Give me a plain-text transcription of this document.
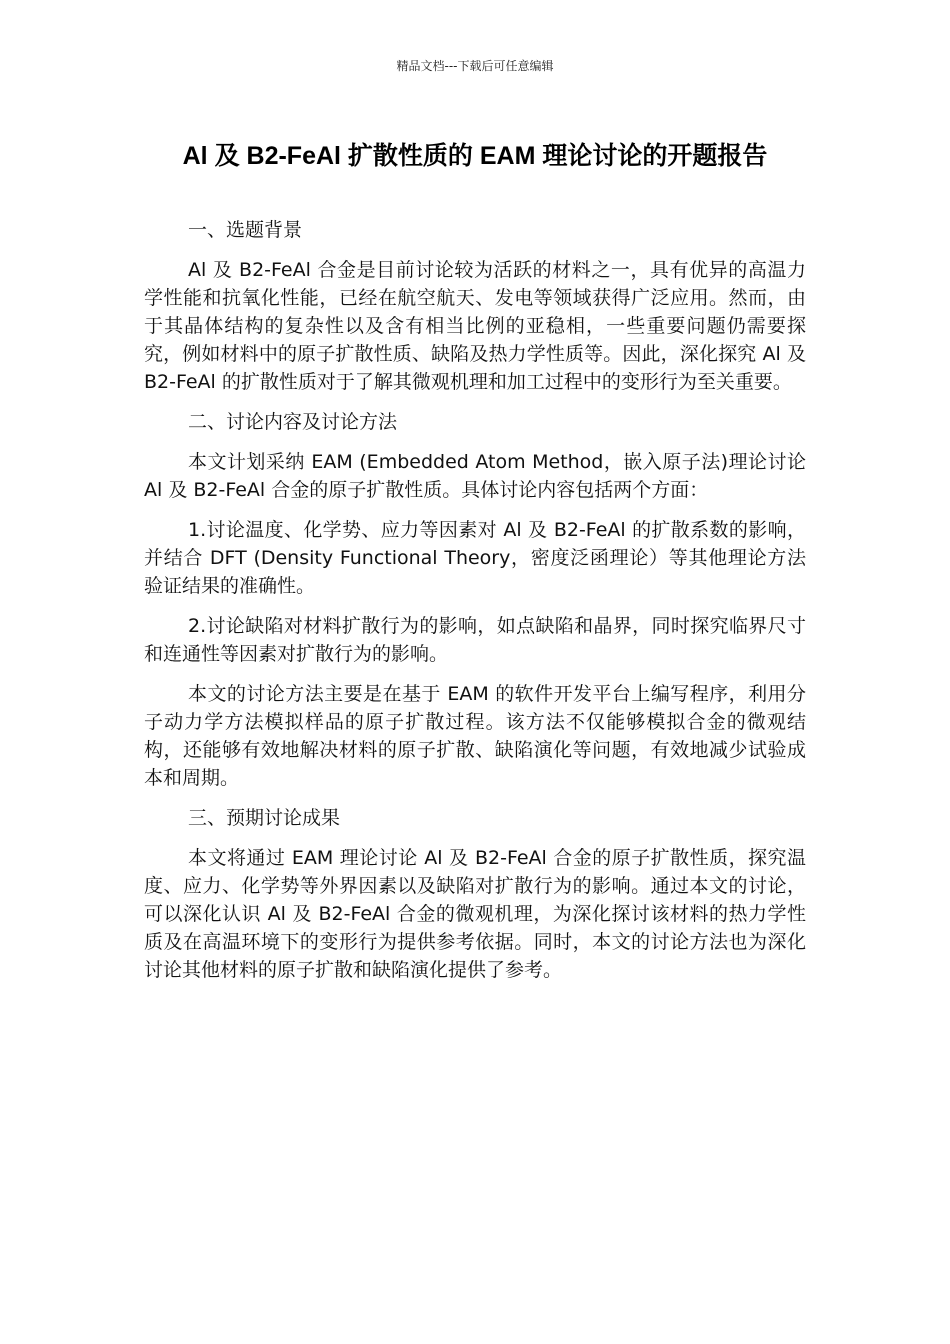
精品文档---下载后可任意编辑
Al 及 B2-FeAl 扩散性质的 EAM 理论讨论的开题报告

一、选题背景

Al 及 B2-FeAl 合金是目前讨论较为活跃的材料之一，具有优异的高温力学性能和抗氧化性能，已经在航空航天、发电等领域获得广泛应用。然而，由于其晶体结构的复杂性以及含有相当比例的亚稳相，一些重要问题仍需要探究，例如材料中的原子扩散性质、缺陷及热力学性质等。因此，深化探究 Al 及 B2-FeAl 的扩散性质对于了解其微观机理和加工过程中的变形行为至关重要。

二、讨论内容及讨论方法

本文计划采纳 EAM (Embedded Atom Method，嵌入原子法)理论讨论 Al 及 B2-FeAl 合金的原子扩散性质。具体讨论内容包括两个方面：

1.讨论温度、化学势、应力等因素对 Al 及 B2-FeAl 的扩散系数的影响，并结合 DFT (Density Functional Theory，密度泛函理论）等其他理论方法验证结果的准确性。

2.讨论缺陷对材料扩散行为的影响，如点缺陷和晶界，同时探究临界尺寸和连通性等因素对扩散行为的影响。

本文的讨论方法主要是在基于 EAM 的软件开发平台上编写程序，利用分子动力学方法模拟样品的原子扩散过程。该方法不仅能够模拟合金的微观结构，还能够有效地解决材料的原子扩散、缺陷演化等问题，有效地减少试验成本和周期。

三、预期讨论成果

本文将通过 EAM 理论讨论 Al 及 B2-FeAl 合金的原子扩散性质，探究温度、应力、化学势等外界因素以及缺陷对扩散行为的影响。通过本文的讨论，可以深化认识 Al 及 B2-FeAl 合金的微观机理，为深化探讨该材料的热力学性质及在高温环境下的变形行为提供参考依据。同时，本文的讨论方法也为深化讨论其他材料的原子扩散和缺陷演化提供了参考。
